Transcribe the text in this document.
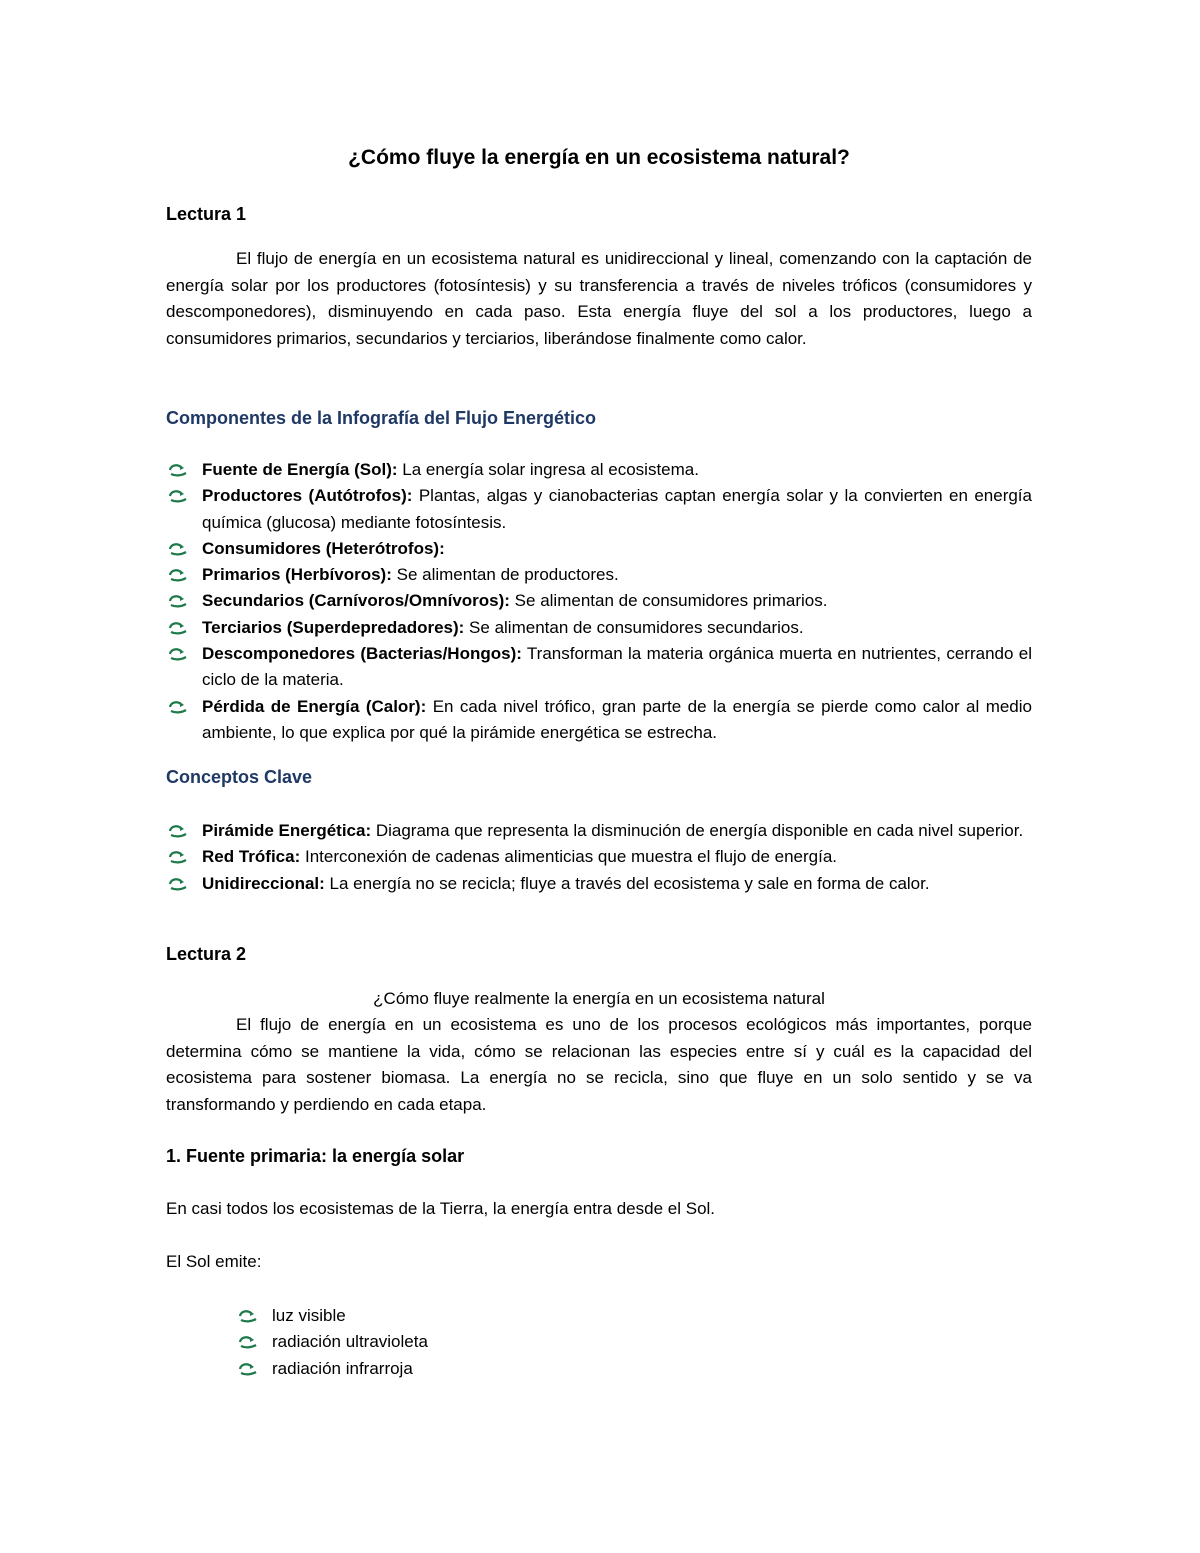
¿Cómo fluye la energía en un ecosistema natural?
Lectura 1
El flujo de energía en un ecosistema natural es unidireccional y lineal, comenzando con la captación de energía solar por los productores (fotosíntesis) y su transferencia a través de niveles tróficos (consumidores y descomponedores), disminuyendo en cada paso. Esta energía fluye del sol a los productores, luego a consumidores primarios, secundarios y terciarios, liberándose finalmente como calor.
Componentes de la Infografía del Flujo Energético
Fuente de Energía (Sol): La energía solar ingresa al ecosistema.
Productores (Autótrofos): Plantas, algas y cianobacterias captan energía solar y la convierten en energía química (glucosa) mediante fotosíntesis.
Consumidores (Heterótrofos):
Primarios (Herbívoros): Se alimentan de productores.
Secundarios (Carnívoros/Omnívoros): Se alimentan de consumidores primarios.
Terciarios (Superdepredadores): Se alimentan de consumidores secundarios.
Descomponedores (Bacterias/Hongos): Transforman la materia orgánica muerta en nutrientes, cerrando el ciclo de la materia.
Pérdida de Energía (Calor): En cada nivel trófico, gran parte de la energía se pierde como calor al medio ambiente, lo que explica por qué la pirámide energética se estrecha.
Conceptos Clave
Pirámide Energética: Diagrama que representa la disminución de energía disponible en cada nivel superior.
Red Trófica: Interconexión de cadenas alimenticias que muestra el flujo de energía.
Unidireccional: La energía no se recicla; fluye a través del ecosistema y sale en forma de calor.
Lectura 2
¿Cómo fluye realmente la energía en un ecosistema natural
El flujo de energía en un ecosistema es uno de los procesos ecológicos más importantes, porque determina cómo se mantiene la vida, cómo se relacionan las especies entre sí y cuál es la capacidad del ecosistema para sostener biomasa. La energía no se recicla, sino que fluye en un solo sentido y se va transformando y perdiendo en cada etapa.
1. Fuente primaria: la energía solar
En casi todos los ecosistemas de la Tierra, la energía entra desde el Sol.
El Sol emite:
luz visible
radiación ultravioleta
radiación infrarroja
